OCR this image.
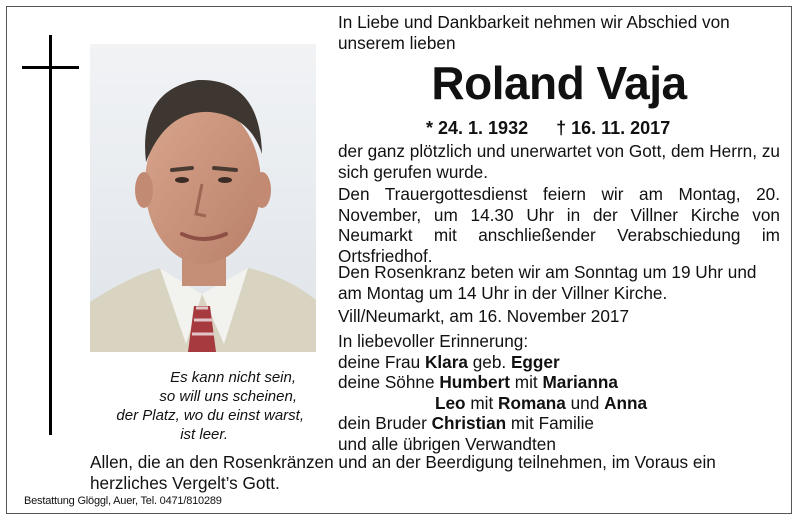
Es kann nicht sein,
so will uns scheinen,
der Platz, wo du einst warst,
ist leer.
In Liebe und Dankbarkeit nehmen wir Abschied von unserem lieben
Roland Vaja
* 24. 1. 1932 † 16. 11. 2017
der ganz plötzlich und unerwartet von Gott, dem Herrn, zu sich gerufen wurde.
Den Trauergottesdienst feiern wir am Montag, 20. November, um 14.30 Uhr in der Villner Kirche von Neumarkt mit anschließender Verabschiedung im Ortsfriedhof.
Den Rosenkranz beten wir am Sonntag um 19 Uhr und am Montag um 14 Uhr in der Villner Kirche.
Vill/Neumarkt, am 16. November 2017
In liebevoller Erinnerung:
deine Frau Klara geb. Egger
deine Söhne Humbert mit Marianna
Leo mit Romana und Anna
dein Bruder Christian mit Familie
und alle übrigen Verwandten
Allen, die an den Rosenkränzen und an der Beerdigung teilnehmen, im Voraus ein herzliches Vergelt’s Gott.
Bestattung Glöggl, Auer, Tel. 0471/810289
